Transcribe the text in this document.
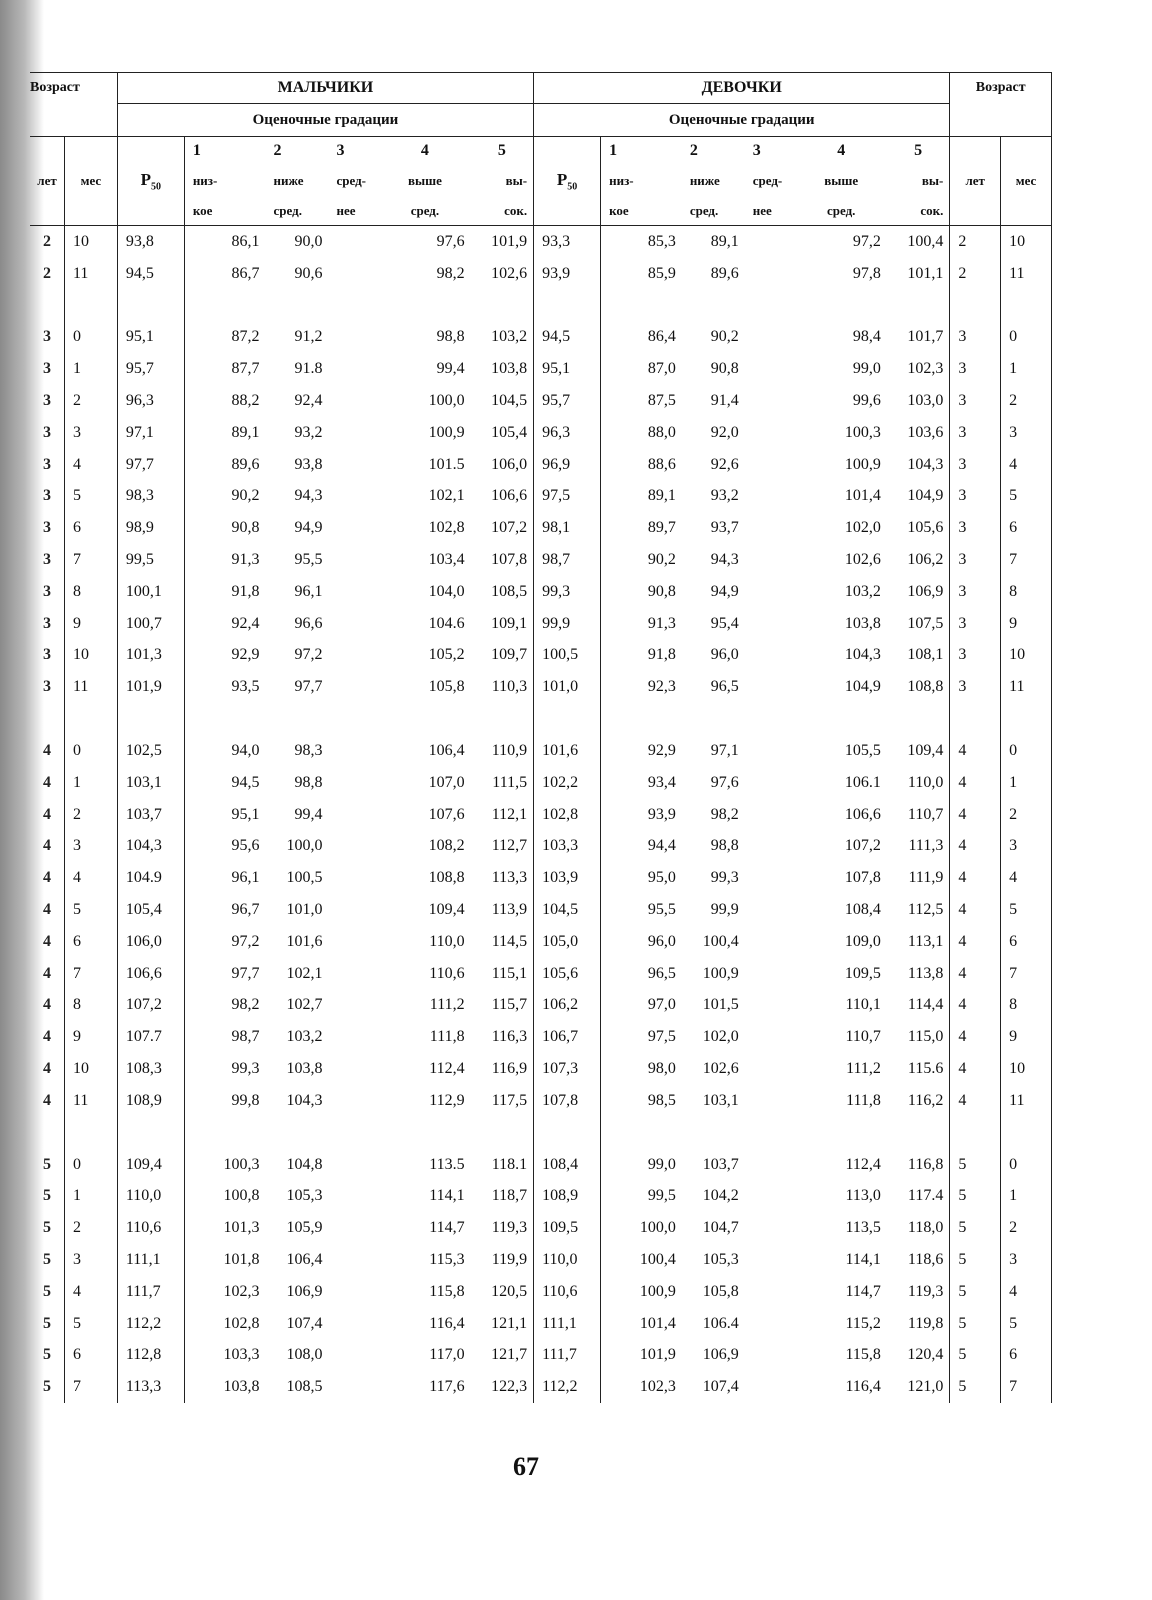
Возраст		МАЛЬЧИКИ						ДЕВОЧКИ						Возраст	
		Оценочные градации						Оценочные градации							
			1	2	3	4	5		1	2	3	4	5		
лет	мес	$P_{50}$	низ-	ниже	сред-	выше	вы-	$P_{50}$	низ-	ниже	сред-	выше	вы-	лет	мес
			кое	сред.	нее	сред.	сок.		кое	сред.	нее	сред.	сок.		
2	10	93,8	86,1	90,0		97,6	101,9	93,3	85,3	89,1		97,2	100,4	2	10
2	11	94,5	86,7	90,6		98,2	102,6	93,9	85,9	89,6		97,8	101,1	2	11

3	0	95,1	87,2	91,2		98,8	103,2	94,5	86,4	90,2		98,4	101,7	3	0
3	1	95,7	87,7	91.8		99,4	103,8	95,1	87,0	90,8		99,0	102,3	3	1
3	2	96,3	88,2	92,4		100,0	104,5	95,7	87,5	91,4		99,6	103,0	3	2
3	3	97,1	89,1	93,2		100,9	105,4	96,3	88,0	92,0		100,3	103,6	3	3
3	4	97,7	89,6	93,8		101.5	106,0	96,9	88,6	92,6		100,9	104,3	3	4
3	5	98,3	90,2	94,3		102,1	106,6	97,5	89,1	93,2		101,4	104,9	3	5
3	6	98,9	90,8	94,9		102,8	107,2	98,1	89,7	93,7		102,0	105,6	3	6
3	7	99,5	91,3	95,5		103,4	107,8	98,7	90,2	94,3		102,6	106,2	3	7
3	8	100,1	91,8	96,1		104,0	108,5	99,3	90,8	94,9		103,2	106,9	3	8
3	9	100,7	92,4	96,6		104.6	109,1	99,9	91,3	95,4		103,8	107,5	3	9
3	10	101,3	92,9	97,2		105,2	109,7	100,5	91,8	96,0		104,3	108,1	3	10
3	11	101,9	93,5	97,7		105,8	110,3	101,0	92,3	96,5		104,9	108,8	3	11

4	0	102,5	94,0	98,3		106,4	110,9	101,6	92,9	97,1		105,5	109,4	4	0
4	1	103,1	94,5	98,8		107,0	111,5	102,2	93,4	97,6		106.1	110,0	4	1
4	2	103,7	95,1	99,4		107,6	112,1	102,8	93,9	98,2		106,6	110,7	4	2
4	3	104,3	95,6	100,0		108,2	112,7	103,3	94,4	98,8		107,2	111,3	4	3
4	4	104.9	96,1	100,5		108,8	113,3	103,9	95,0	99,3		107,8	111,9	4	4
4	5	105,4	96,7	101,0		109,4	113,9	104,5	95,5	99,9		108,4	112,5	4	5
4	6	106,0	97,2	101,6		110,0	114,5	105,0	96,0	100,4		109,0	113,1	4	6
4	7	106,6	97,7	102,1		110,6	115,1	105,6	96,5	100,9		109,5	113,8	4	7
4	8	107,2	98,2	102,7		111,2	115,7	106,2	97,0	101,5		110,1	114,4	4	8
4	9	107.7	98,7	103,2		111,8	116,3	106,7	97,5	102,0		110,7	115,0	4	9
4	10	108,3	99,3	103,8		112,4	116,9	107,3	98,0	102,6		111,2	115.6	4	10
4	11	108,9	99,8	104,3		112,9	117,5	107,8	98,5	103,1		111,8	116,2	4	11

5	0	109,4	100,3	104,8		113.5	118.1	108,4	99,0	103,7		112,4	116,8	5	0
5	1	110,0	100,8	105,3		114,1	118,7	108,9	99,5	104,2		113,0	117.4	5	1
5	2	110,6	101,3	105,9		114,7	119,3	109,5	100,0	104,7		113,5	118,0	5	2
5	3	111,1	101,8	106,4		115,3	119,9	110,0	100,4	105,3		114,1	118,6	5	3
5	4	111,7	102,3	106,9		115,8	120,5	110,6	100,9	105,8		114,7	119,3	5	4
5	5	112,2	102,8	107,4		116,4	121,1	111,1	101,4	106.4		115,2	119,8	5	5
5	6	112,8	103,3	108,0		117,0	121,7	111,7	101,9	106,9		115,8	120,4	5	6
5	7	113,3	103,8	108,5		117,6	122,3	112,2	102,3	107,4		116,4	121,0	5	7
67
